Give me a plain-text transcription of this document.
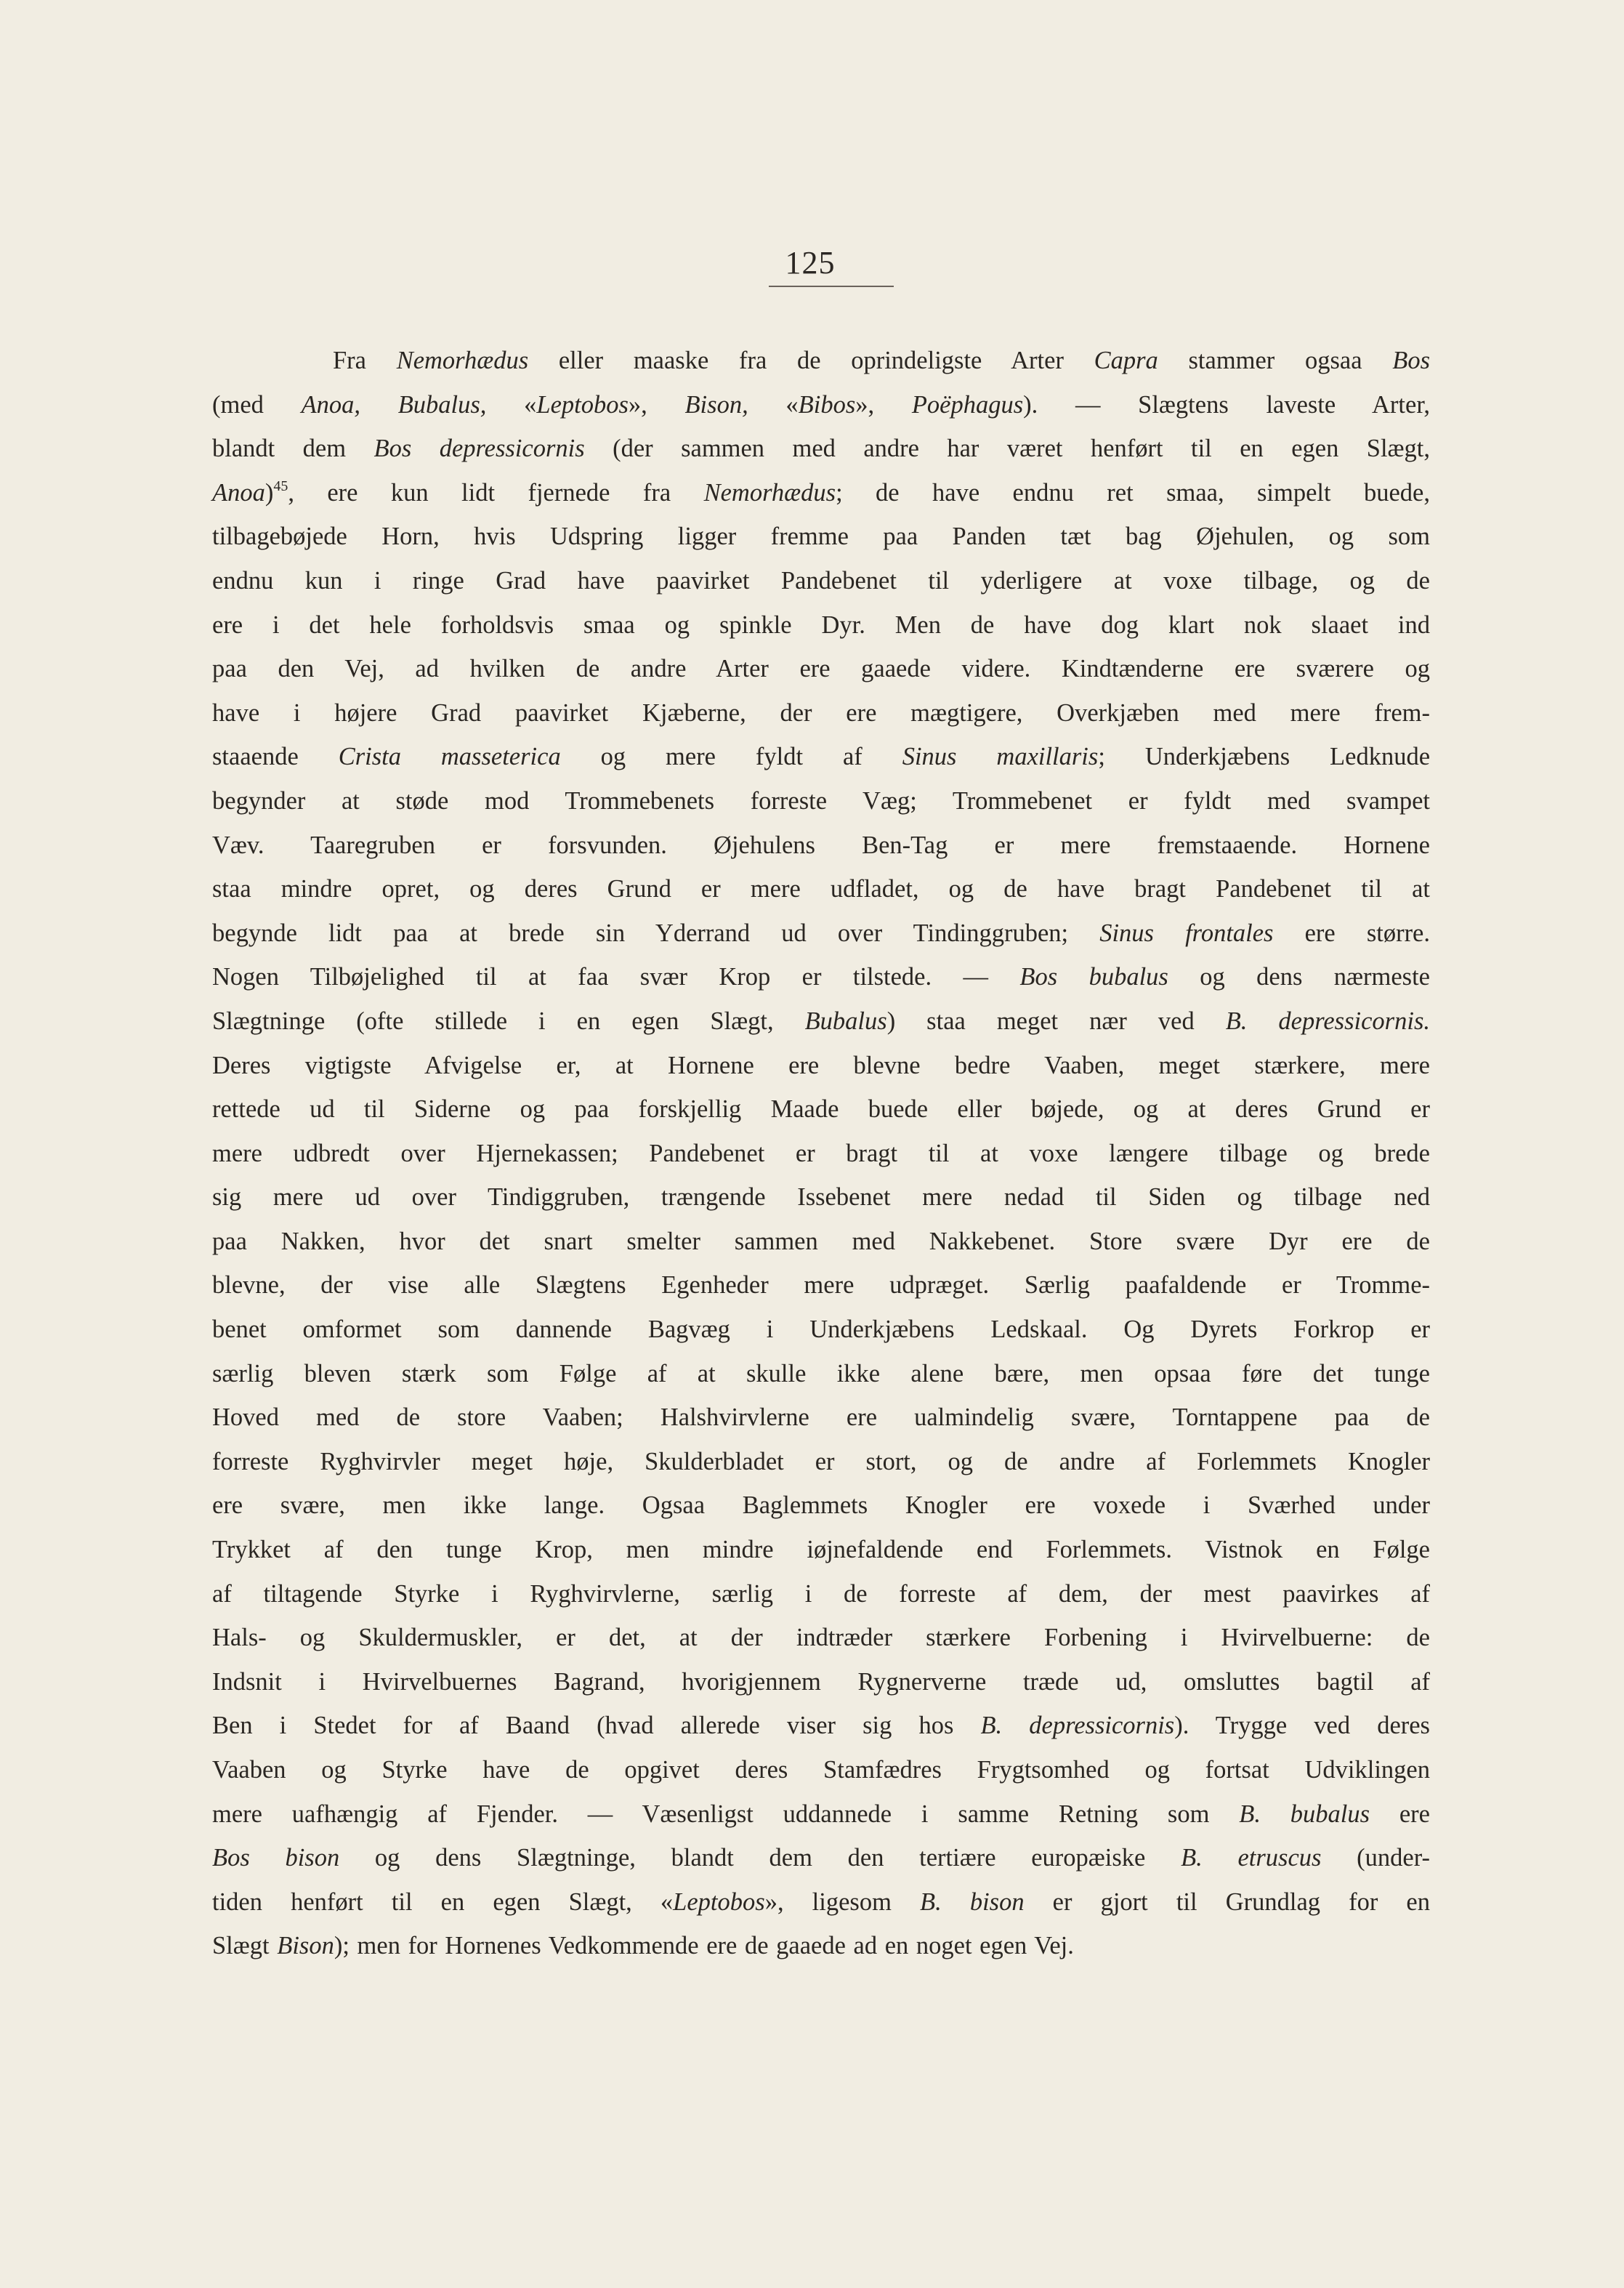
125
Fra Nemorhædus eller maaske fra de oprindeligste Arter Capra stammer ogsaa Bos
(med Anoa, Bubalus, «Leptobos», Bison, «Bibos», Poëphagus). — Slægtens laveste Arter,
blandt dem Bos depressicornis (der sammen med andre har været henført til en egen Slægt,
Anoa)$^{45}$, ere kun lidt fjernede fra Nemorhædus; de have endnu ret smaa, simpelt buede,
tilbagebøjede Horn, hvis Udspring ligger fremme paa Panden tæt bag Øjehulen, og som
endnu kun i ringe Grad have paavirket Pandebenet til yderligere at voxe tilbage, og de
ere i det hele forholdsvis smaa og spinkle Dyr. Men de have dog klart nok slaaet ind
paa den Vej, ad hvilken de andre Arter ere gaaede videre. Kindtænderne ere sværere og
have i højere Grad paavirket Kjæberne, der ere mægtigere, Overkjæben med mere frem-
staaende Crista masseterica og mere fyldt af Sinus maxillaris; Underkjæbens Ledknude
begynder at støde mod Trommebenets forreste Væg; Trommebenet er fyldt med svampet
Væv. Taaregruben er forsvunden. Øjehulens Ben-Tag er mere fremstaaende. Hornene
staa mindre opret, og deres Grund er mere udfladet, og de have bragt Pandebenet til at
begynde lidt paa at brede sin Yderrand ud over Tindinggruben; Sinus frontales ere større.
Nogen Tilbøjelighed til at faa svær Krop er tilstede. — Bos bubalus og dens nærmeste
Slægtninge (ofte stillede i en egen Slægt, Bubalus) staa meget nær ved B. depressicornis.
Deres vigtigste Afvigelse er, at Hornene ere blevne bedre Vaaben, meget stærkere, mere
rettede ud til Siderne og paa forskjellig Maade buede eller bøjede, og at deres Grund er
mere udbredt over Hjernekassen; Pandebenet er bragt til at voxe længere tilbage og brede
sig mere ud over Tindiggruben, trængende Issebenet mere nedad til Siden og tilbage ned
paa Nakken, hvor det snart smelter sammen med Nakkebenet. Store svære Dyr ere de
blevne, der vise alle Slægtens Egenheder mere udpræget. Særlig paafaldende er Tromme-
benet omformet som dannende Bagvæg i Underkjæbens Ledskaal. Og Dyrets Forkrop er
særlig bleven stærk som Følge af at skulle ikke alene bære, men opsaa føre det tunge
Hoved med de store Vaaben; Halshvirvlerne ere ualmindelig svære, Torntappene paa de
forreste Ryghvirvler meget høje, Skulderbladet er stort, og de andre af Forlemmets Knogler
ere svære, men ikke lange. Ogsaa Baglemmets Knogler ere voxede i Sværhed under
Trykket af den tunge Krop, men mindre iøjnefaldende end Forlemmets. Vistnok en Følge
af tiltagende Styrke i Ryghvirvlerne, særlig i de forreste af dem, der mest paavirkes af
Hals- og Skuldermuskler, er det, at der indtræder stærkere Forbening i Hvirvelbuerne: de
Indsnit i Hvirvelbuernes Bagrand, hvorigjennem Rygnerverne træde ud, omsluttes bagtil af
Ben i Stedet for af Baand (hvad allerede viser sig hos B. depressicornis). Trygge ved deres
Vaaben og Styrke have de opgivet deres Stamfædres Frygtsomhed og fortsat Udviklingen
mere uafhængig af Fjender. — Væsenligst uddannede i samme Retning som B. bubalus ere
Bos bison og dens Slægtninge, blandt dem den tertiære europæiske B. etruscus (under-
tiden henført til en egen Slægt, «Leptobos», ligesom B. bison er gjort til Grundlag for en
Slægt Bison); men for Hornenes Vedkommende ere de gaaede ad en noget egen Vej.
